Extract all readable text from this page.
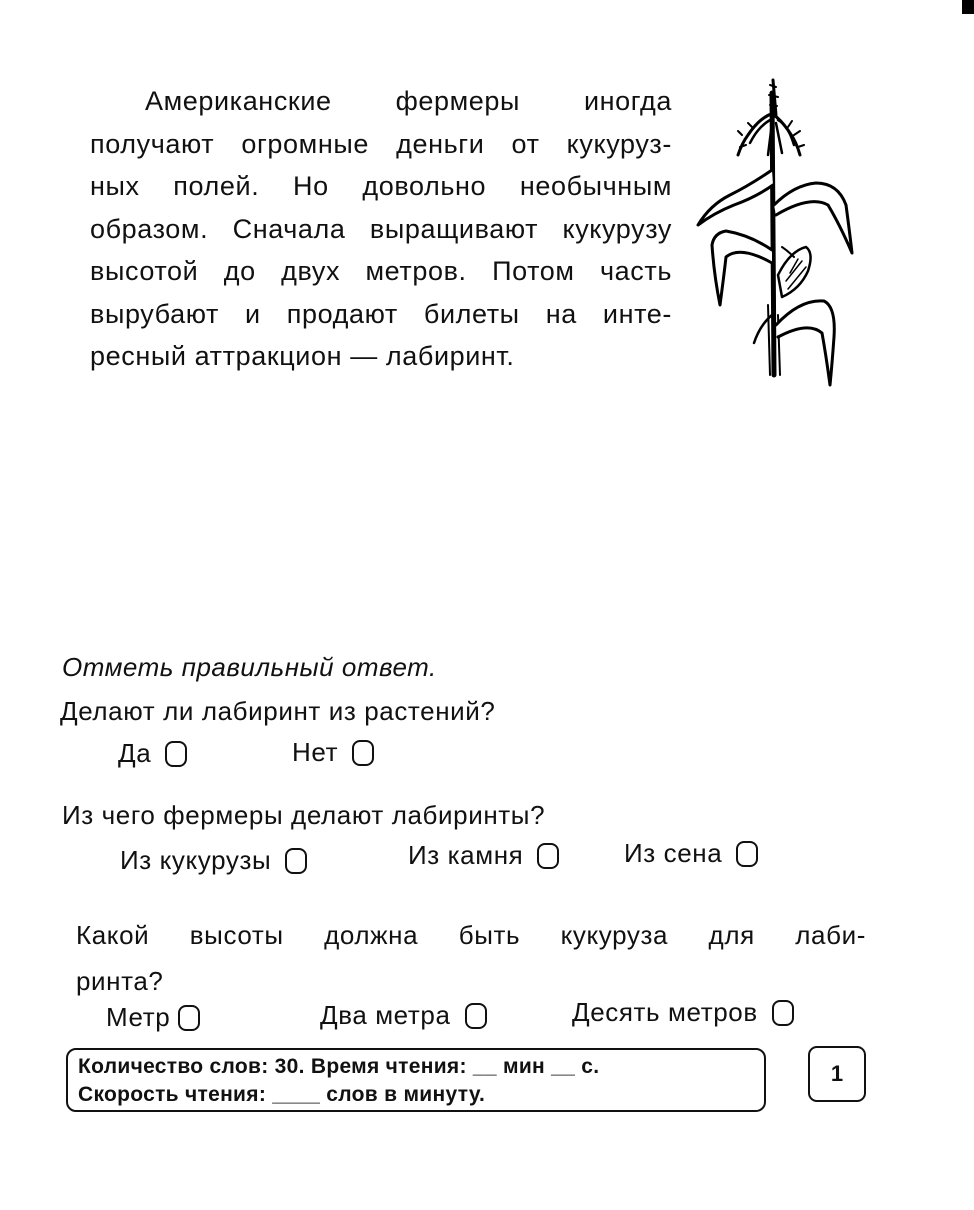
Американские фермеры иногда
получают огромные деньги от кукуруз-
ных полей. Но довольно необычным
образом. Сначала выращивают кукурузу
высотой до двух метров. Потом часть
вырубают и продают билеты на инте-
ресный аттракцион — лабиринт.
Отметь правильный ответ.
Делают ли лабиринт из растений?
Да	Нет
Из чего фермеры делают лабиринты?
Из кукурузы	Из камня	Из сена
Какой высоты должна быть кукуруза для лаби-
ринта?
Метр	Два метра	Десять метров
Количество слов: 30. Время чтения: __ мин __ с.
Скорость чтения: ____ слов в минуту.
1
